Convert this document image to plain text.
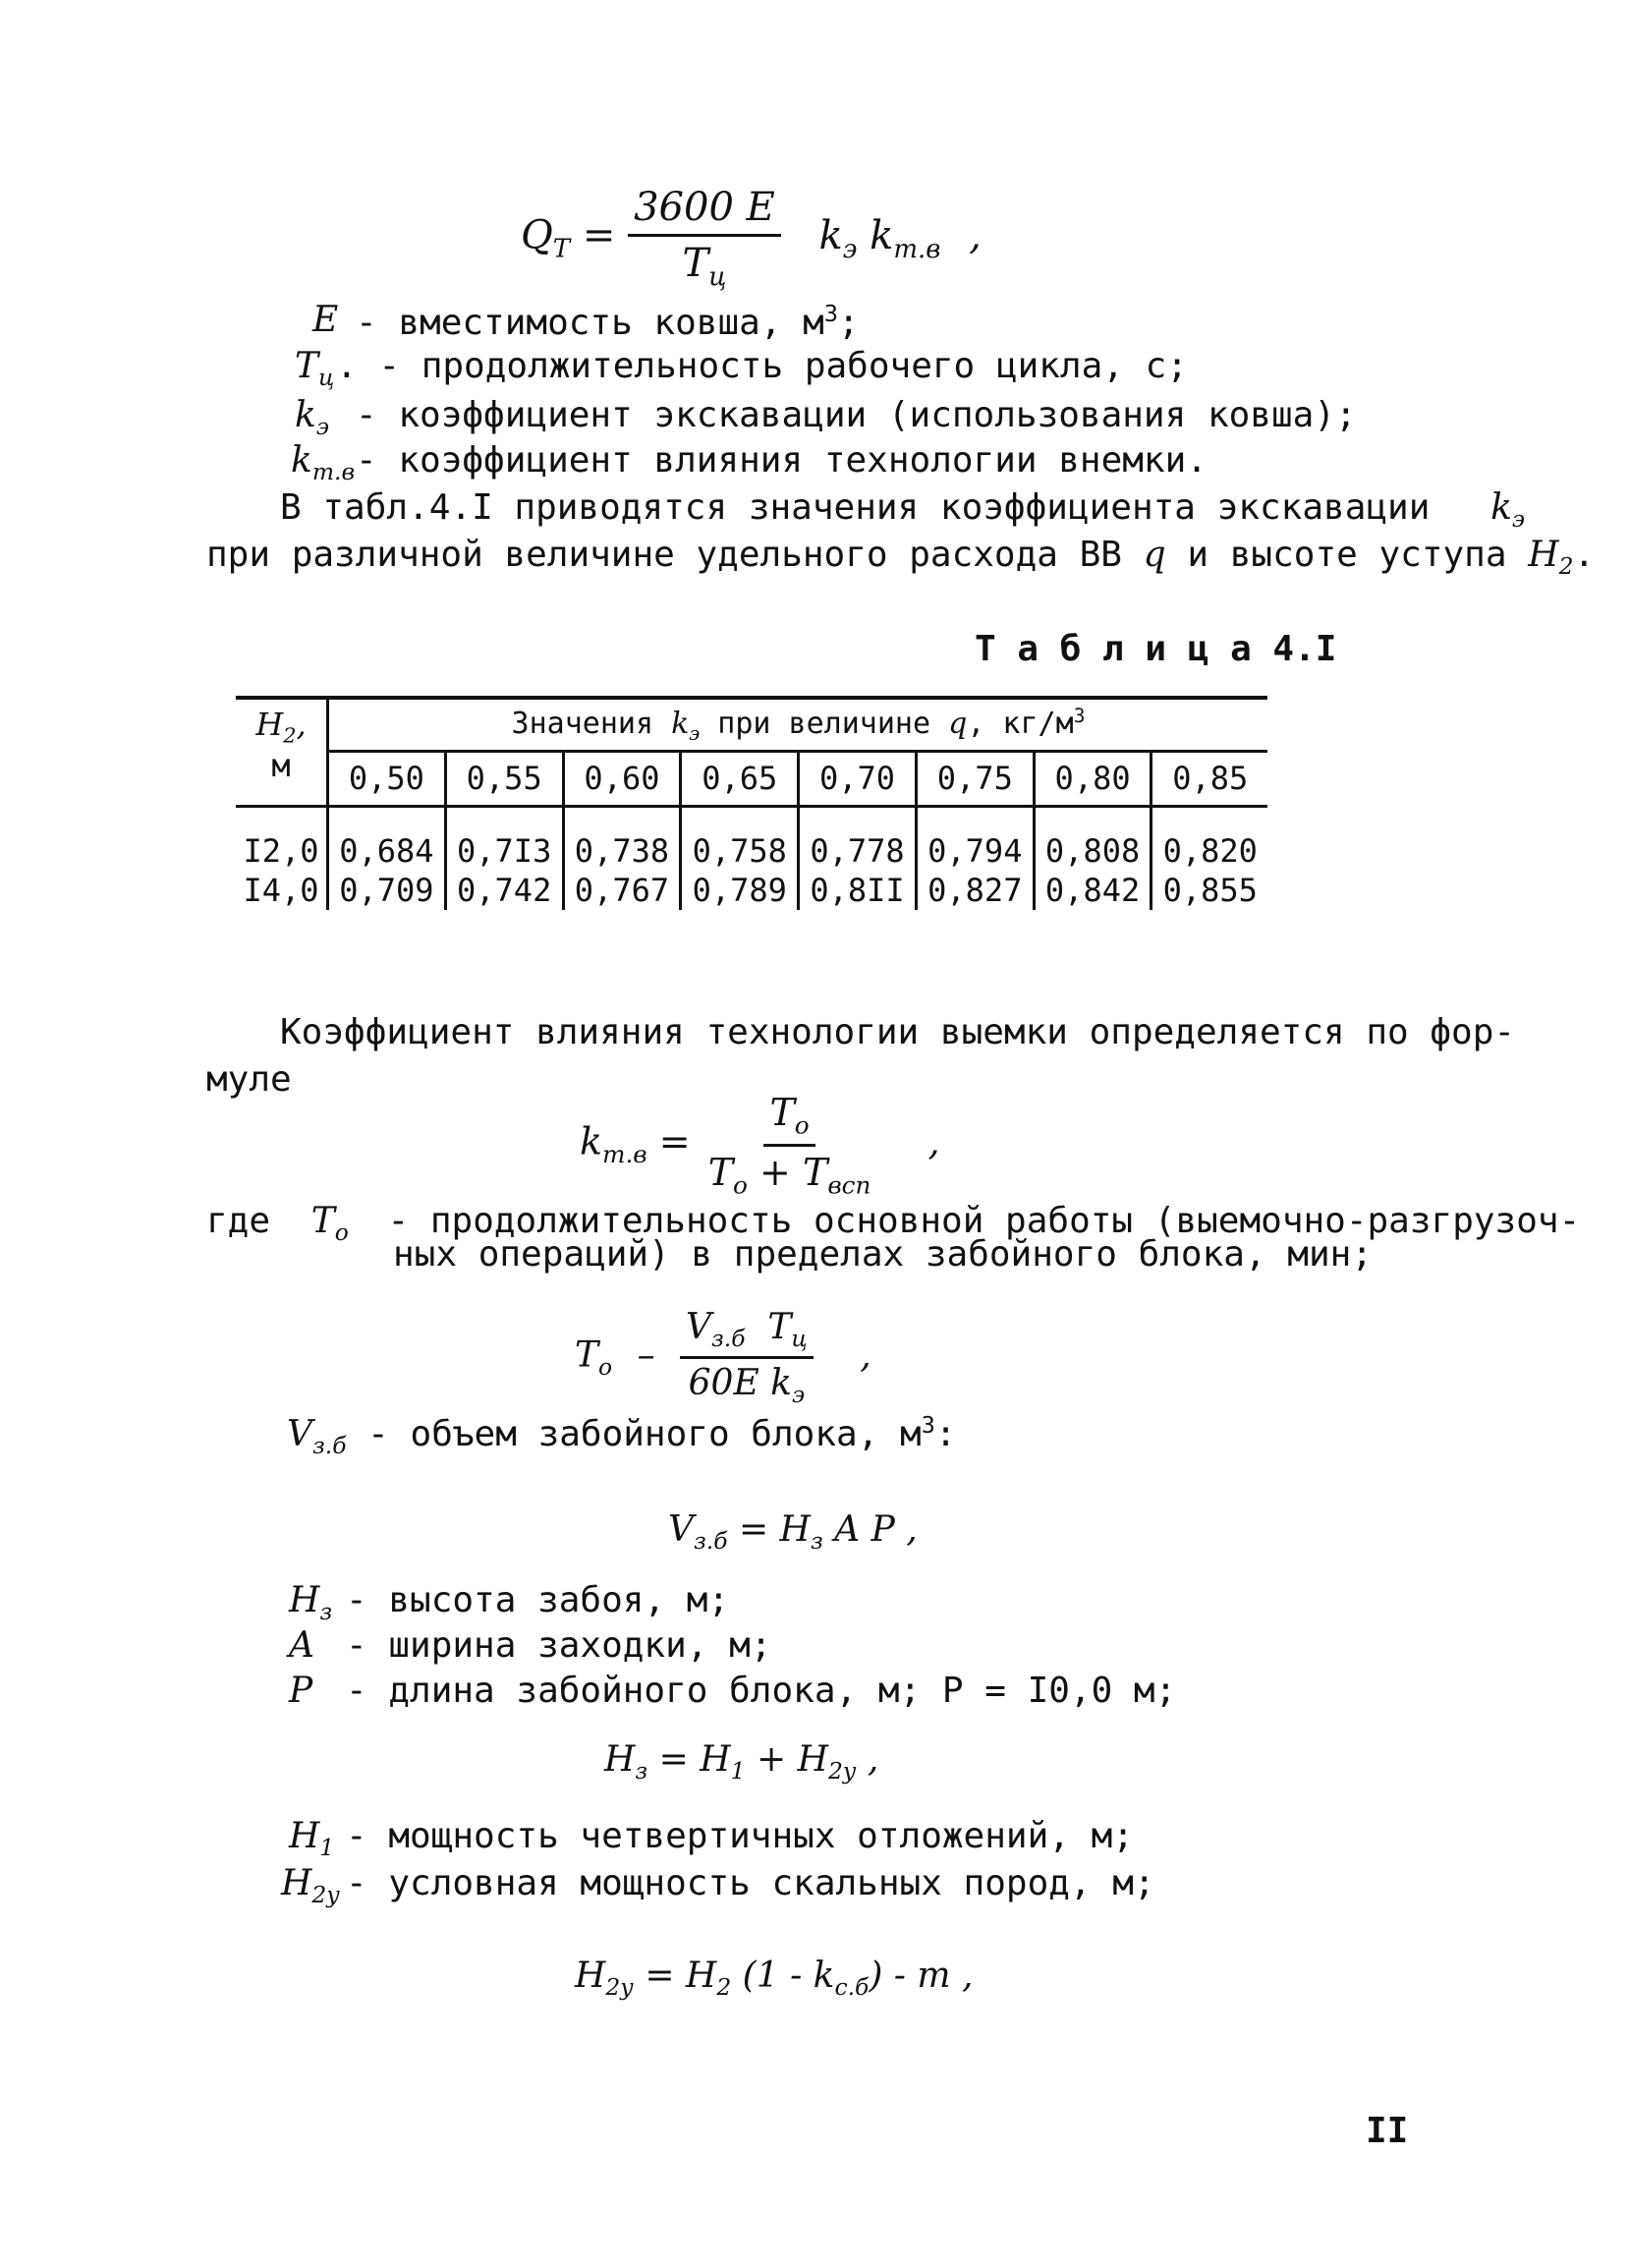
$Q_Т = \frac{3600 E}{T_ц} k_э$ $k_{т.в}$ ,
E - вместимость ковша, $м^3$;
$T_ц$ . - продолжительность рабочего цикла, с;
$k_э$ - коэффициент экскавации (использования ковша);
$k_{т.в}$ - коэффициент влияния технологии внемки.
В табл.4.I приводятся значения коэффициента экскавации $k_э$
при различной величине удельного расхода ВВ q и высоте уступа $H_2$.
Т а б л и ц а 4.I
$H_2$,
м	Значения $k_э$ при величине q, $кг/м^3$
	0,50	0,55	0,60	0,65	0,70	0,75	0,80	0,85

I2,0	0,684	0,7I3	0,738	0,758	0,778	0,794	0,808	0,820
I4,0	0,709	0,742	0,767	0,789	0,8II	0,827	0,842	0,855
Коэффициент влияния технологии выемки определяется по фор-
муле
$k_{т.в} = \frac{T_o}{T_o + T_{всп}}$ ,
где $T_o$ - продолжительность основной работы (выемочно-разгрузоч-
ных операций) в пределах забойного блока, мин;
$T_o - \frac{V_{з.б} T_ц}{60E k_э}$ ,
$V_{з.б}$ - объем забойного блока, $м^3$:
$V_{з.б} = H_з$ A P ,
$H_з$ - высота забоя, м;
A - ширина заходки, м;
P - длина забойного блока, м; P = I0,0 м;
$H_з = H_1 + H_{2у}$ ,
$H_1$ - мощность четвертичных отложений, м;
$H_{2у}$ - условная мощность скальных пород, м;
$H_{2у} = H_2$ $(1 - k_{с.б})$ - m ,
II
